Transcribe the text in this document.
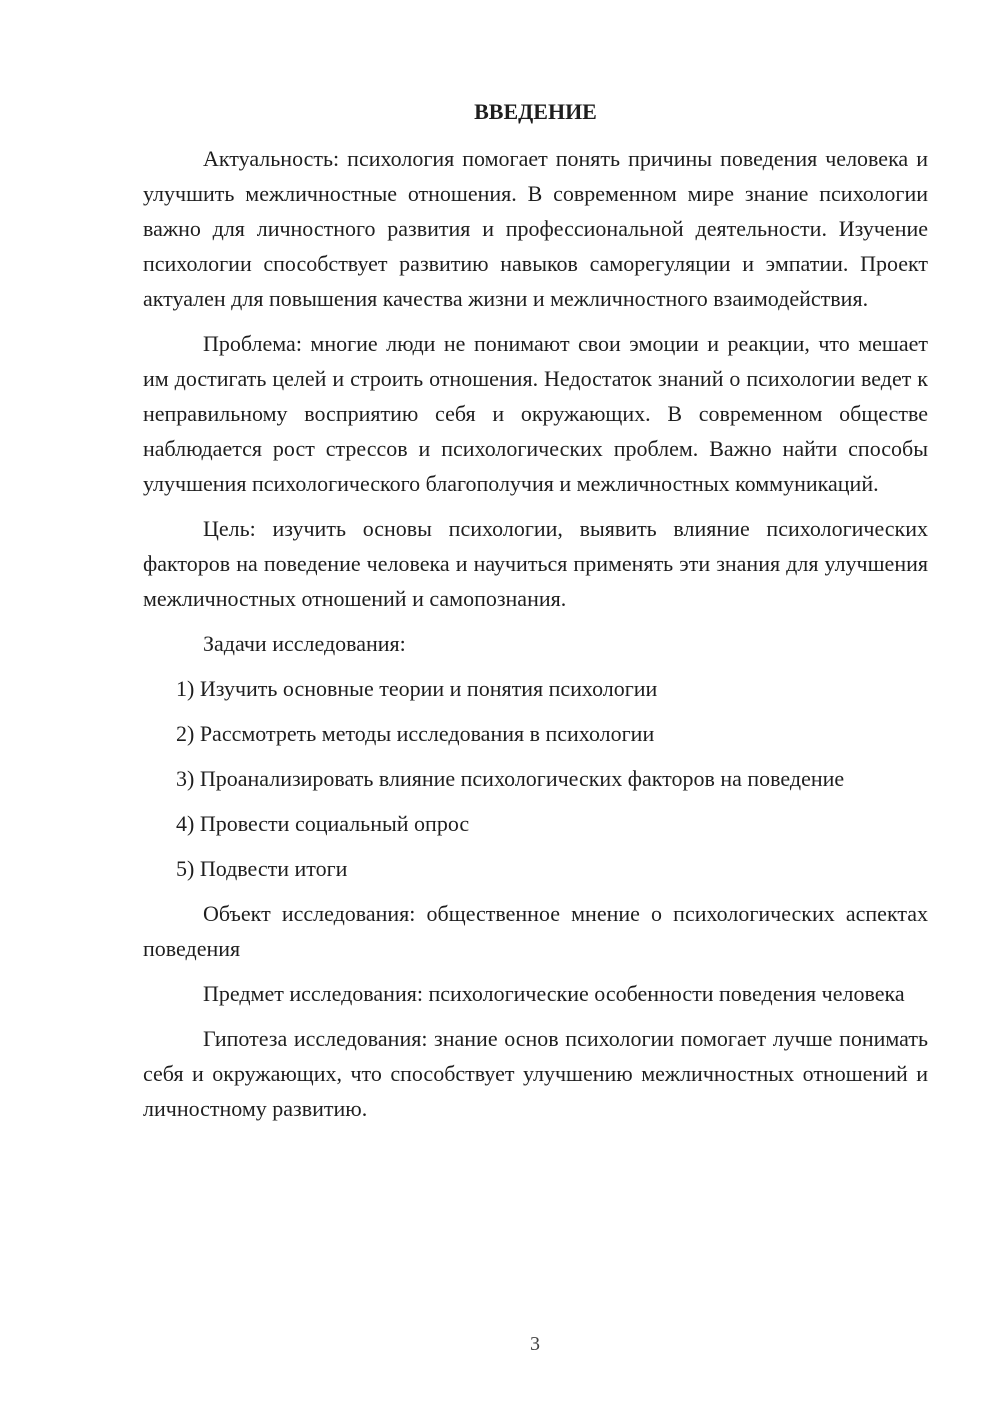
ВВЕДЕНИЕ

Актуальность: психология помогает понять причины поведения человека и улучшить межличностные отношения. В современном мире знание психологии важно для личностного развития и профессиональной деятельности. Изучение психологии способствует развитию навыков саморегуляции и эмпатии. Проект актуален для повышения качества жизни и межличностного взаимодействия.

Проблема: многие люди не понимают свои эмоции и реакции, что мешает им достигать целей и строить отношения. Недостаток знаний о психологии ведет к неправильному восприятию себя и окружающих. В современном обществе наблюдается рост стрессов и психологических проблем. Важно найти способы улучшения психологического благополучия и межличностных коммуникаций.

Цель: изучить основы психологии, выявить влияние психологических факторов на поведение человека и научиться применять эти знания для улучшения межличностных отношений и самопознания.

Задачи исследования:

1) Изучить основные теории и понятия психологии

2) Рассмотреть методы исследования в психологии

3) Проанализировать влияние психологических факторов на поведение

4) Провести социальный опрос

5) Подвести итоги

Объект исследования: общественное мнение о психологических аспектах поведения

Предмет исследования: психологические особенности поведения человека

Гипотеза исследования: знание основ психологии помогает лучше понимать себя и окружающих, что способствует улучшению межличностных отношений и личностному развитию.

3
